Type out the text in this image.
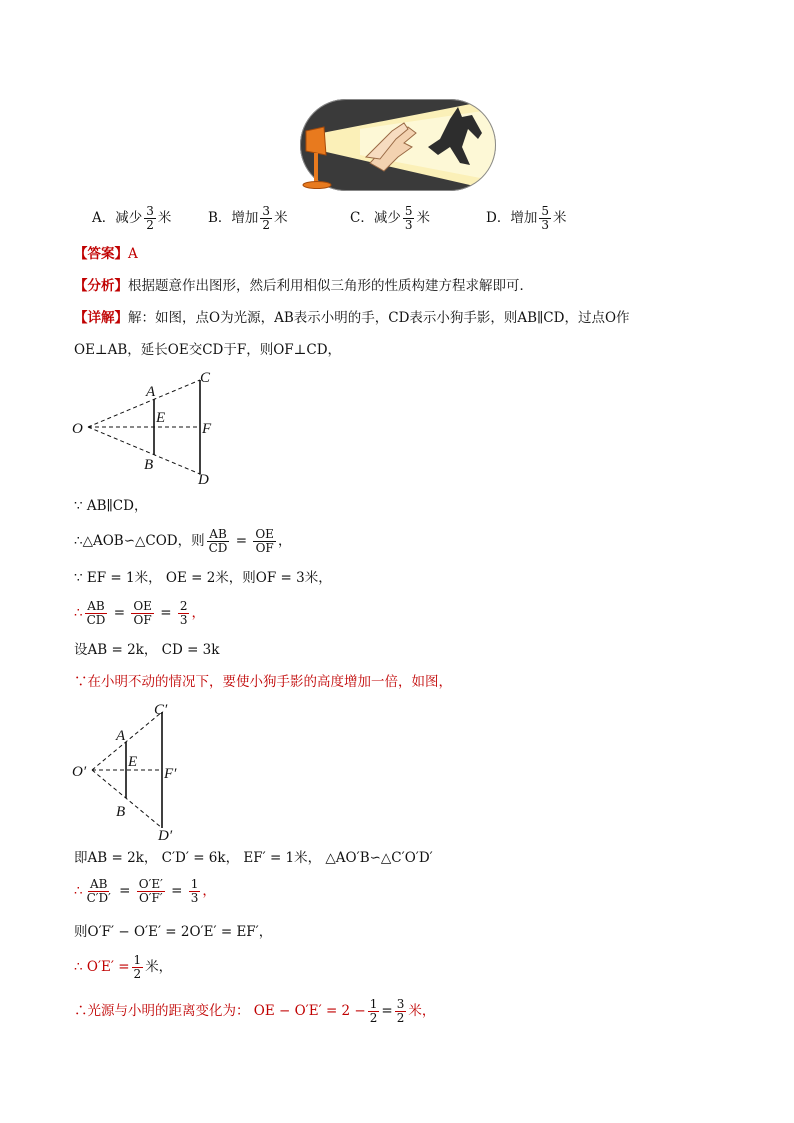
A．减少 $\frac{3}{2}$ 米	B．增加 $\frac{3}{2}$ 米	C．减少 $\frac{5}{3}$ 米	D．增加 $\frac{5}{3}$ 米
【答案】A
【分析】根据题意作出图形，然后利用相似三角形的性质构建方程求解即可．
【详解】解：如图，点O为光源，AB表示小明的手，CD表示小狗手影，则AB∥CD，过点O作
OE⊥AB，延长OE交CD于F，则OF⊥CD，
O
A
E
B
C
F
D
∵ AB∥CD，
∴△AOB∽△COD，则 $\frac{AB}{CD} = \frac{OE}{OF}$ ，
∵ EF = 1米， OE = 2米，则OF = 3米，
∴ $\frac{AB}{CD} = \frac{OE}{OF} = \frac{2}{3}$ ，
设AB = 2k， CD = 3k
∵在小明不动的情况下，要使小狗手影的高度增加一倍，如图，
O′
A
E
B
C′
F′
D′
即AB = 2k， C′D′ = 6k， EF′ = 1米， △AO′B∽△C′O′D′
∴ $\frac{AB}{C'D'} = \frac{O'E'}{O'F'} = \frac{1}{3}$ ，
则O′F′ − O′E′ = 2O′E′ = EF′，
∴ $O'E' = \frac{1}{2}$ 米，
∴光源与小明的距离变化为： OE − $O'E' = 2 - \frac{1}{2} = \frac{3}{2}$ 米，
